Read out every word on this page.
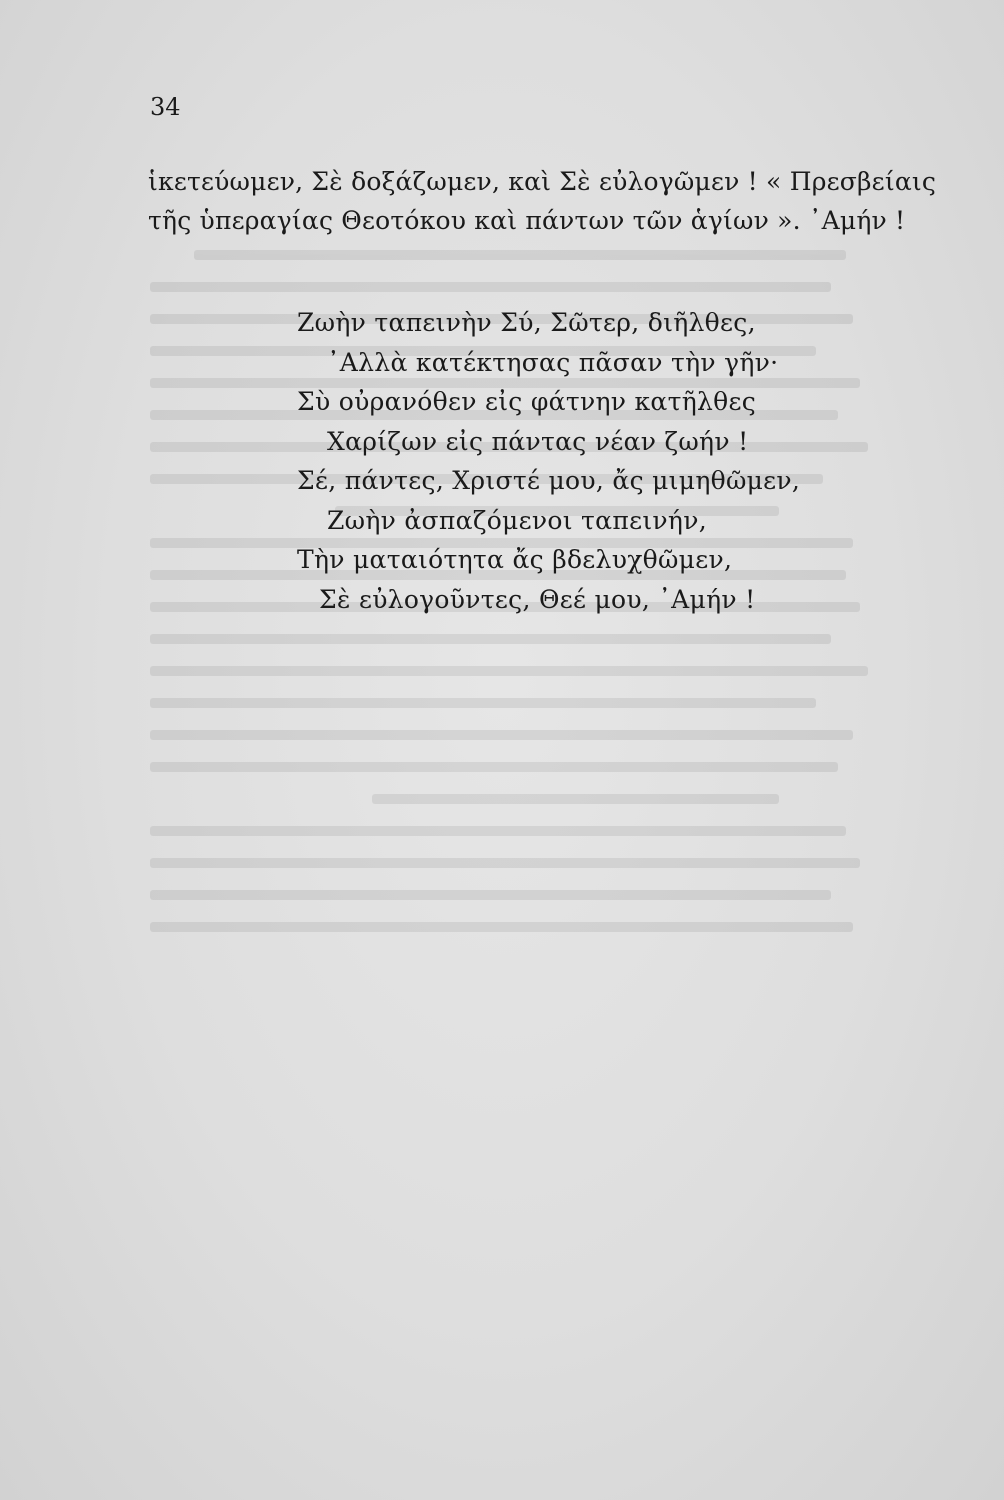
34
ἱκετεύωμεν, Σὲ δοξάζωμεν, καὶ Σὲ εὐλογῶμεν ! « Πρεσβείαις
τῆς ὑπεραγίας Θεοτόκου καὶ πάντων τῶν ἁγίων ». ᾿Αμήν !
Ζωὴν ταπεινὴν Σύ, Σῶτερ, διῆλθες,
᾿Αλλὰ κατέκτησας πᾶσαν τὴν γῆν·
Σὺ οὐρανόθεν εἰς φάτνην κατῆλθες
Χαρίζων εἰς πάντας νέαν ζωήν !
Σέ, πάντες, Χριστέ μου, ἄς μιμηθῶμεν,
Ζωὴν ἀσπαζόμενοι ταπεινήν,
Τὴν ματαιότητα ἄς βδελυχθῶμεν,
Σὲ εὐλογοῦντες, Θεέ μου, ᾿Αμήν !
